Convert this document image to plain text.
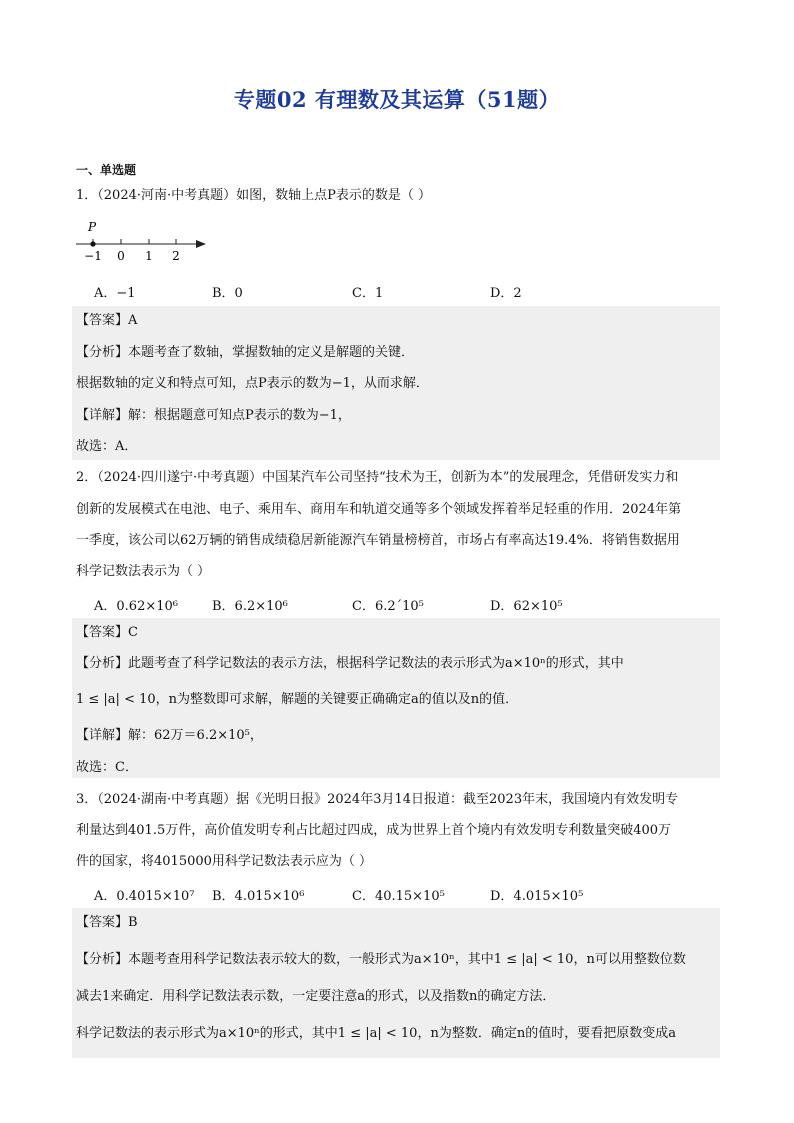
专题02 有理数及其运算（51题）
一、单选题
1．（2024·河南·中考真题）如图，数轴上点P表示的数是（ ）
P
−1 0 1 2
A．−1	B．0	C．1	D．2
【答案】A
【分析】本题考查了数轴，掌握数轴的定义是解题的关键．
根据数轴的定义和特点可知，点P表示的数为−1，从而求解．
【详解】解：根据题意可知点P表示的数为−1，
故选：A．
2．（2024·四川遂宁·中考真题）中国某汽车公司坚持“技术为王，创新为本”的发展理念，凭借研发实力和
创新的发展模式在电池、电子、乘用车、商用车和轨道交通等多个领域发挥着举足轻重的作用．2024年第
一季度，该公司以62万辆的销售成绩稳居新能源汽车销量榜榜首，市场占有率高达19.4%．将销售数据用
科学记数法表示为（ ）
A．0.62×10⁶	B．6.2×10⁶	C．6.2ˊ10⁵	D．62×10⁵
【答案】C
【分析】此题考查了科学记数法的表示方法，根据科学记数法的表示形式为a×10ⁿ的形式，其中
1 ≤ |a| < 10，n为整数即可求解，解题的关键要正确确定a的值以及n的值．
【详解】解：62万＝6.2×10⁵，
故选：C．
3．（2024·湖南·中考真题）据《光明日报》2024年3月14日报道：截至2023年末，我国境内有效发明专
利量达到401.5万件，高价值发明专利占比超过四成，成为世界上首个境内有效发明专利数量突破400万
件的国家，将4015000用科学记数法表示应为（ ）
A．0.4015×10⁷ B．4.015×10⁶	C．40.15×10⁵	D．4.015×10⁵
【答案】B
【分析】本题考查用科学记数法表示较大的数，一般形式为a×10ⁿ，其中1 ≤ |a| < 10，n可以用整数位数
减去1来确定．用科学记数法表示数，一定要注意a的形式，以及指数n的确定方法．
科学记数法的表示形式为a×10ⁿ的形式，其中1 ≤ |a| < 10，n为整数．确定n的值时，要看把原数变成a
